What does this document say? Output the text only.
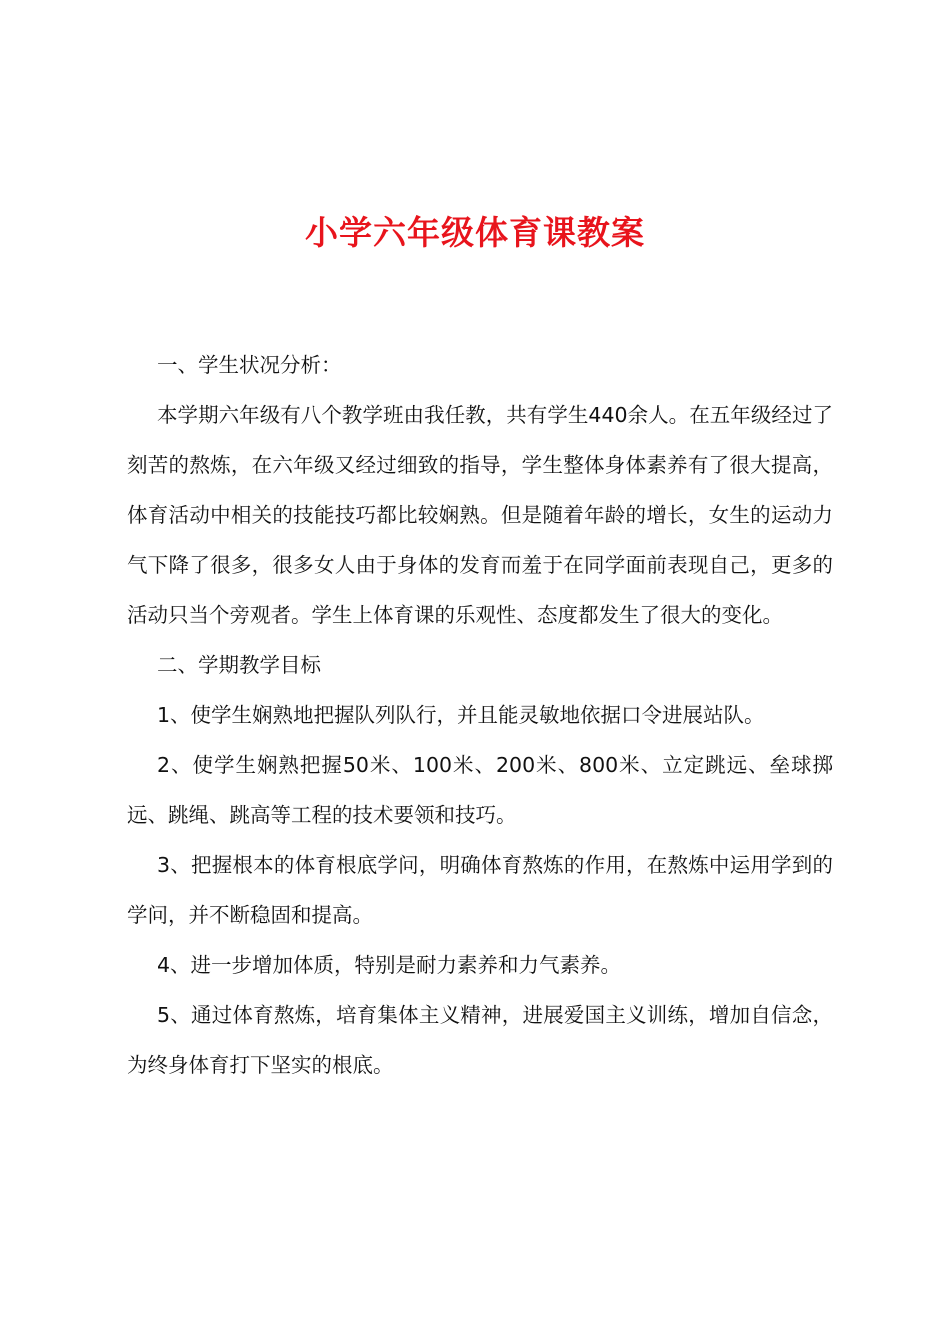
小学六年级体育课教案

一、学生状况分析：

本学期六年级有八个教学班由我任教，共有学生440余人。在五年级经过了刻苦的熬炼，在六年级又经过细致的指导，学生整体身体素养有了很大提高，体育活动中相关的技能技巧都比较娴熟。但是随着年龄的增长，女生的运动力气下降了很多，很多女人由于身体的发育而羞于在同学面前表现自己，更多的活动只当个旁观者。学生上体育课的乐观性、态度都发生了很大的变化。

二、学期教学目标

1、使学生娴熟地把握队列队行，并且能灵敏地依据口令进展站队。

2、使学生娴熟把握50米、100米、200米、800米、立定跳远、垒球掷远、跳绳、跳高等工程的技术要领和技巧。

3、把握根本的体育根底学问，明确体育熬炼的作用，在熬炼中运用学到的学问，并不断稳固和提高。

4、进一步增加体质，特别是耐力素养和力气素养。

5、通过体育熬炼，培育集体主义精神，进展爱国主义训练，增加自信念，为终身体育打下坚实的根底。
